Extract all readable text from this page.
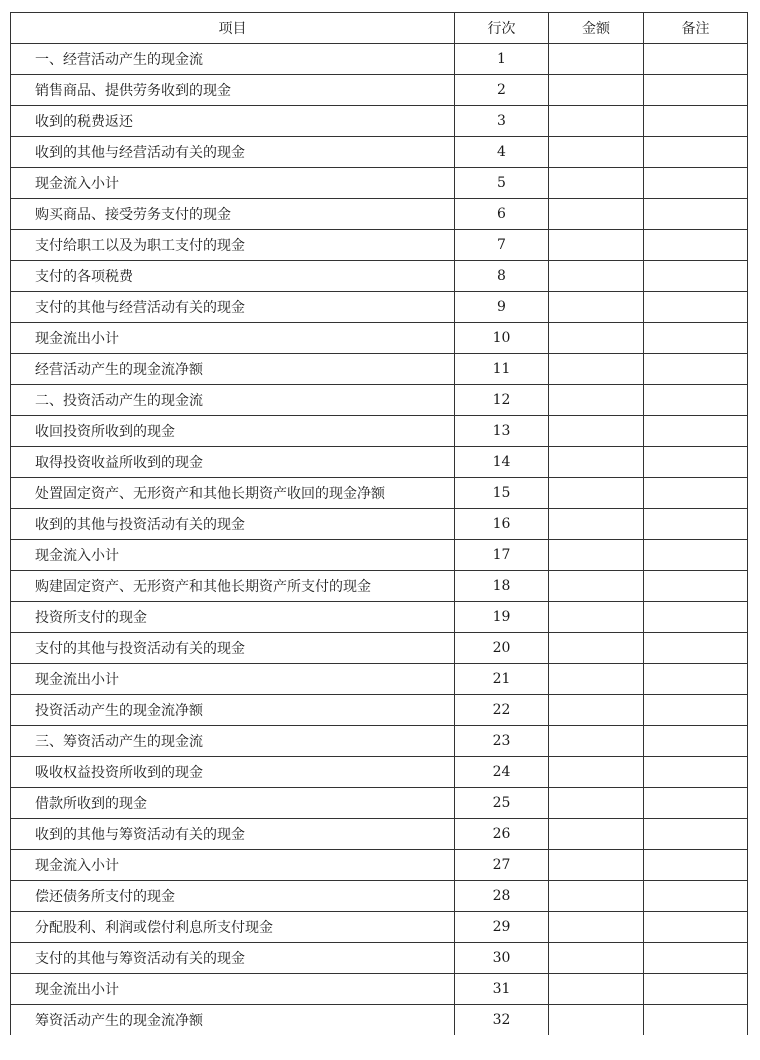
项目	行次	金额	备注
一、经营活动产生的现金流	1		
销售商品、提供劳务收到的现金	2		
收到的税费返还	3		
收到的其他与经营活动有关的现金	4		
现金流入小计	5		
购买商品、接受劳务支付的现金	6		
支付给职工以及为职工支付的现金	7		
支付的各项税费	8		
支付的其他与经营活动有关的现金	9		
现金流出小计	10		
经营活动产生的现金流净额	11		
二、投资活动产生的现金流	12		
收回投资所收到的现金	13		
取得投资收益所收到的现金	14		
处置固定资产、无形资产和其他长期资产收回的现金净额	15		
收到的其他与投资活动有关的现金	16		
现金流入小计	17		
购建固定资产、无形资产和其他长期资产所支付的现金	18		
投资所支付的现金	19		
支付的其他与投资活动有关的现金	20		
现金流出小计	21		
投资活动产生的现金流净额	22		
三、筹资活动产生的现金流	23		
吸收权益投资所收到的现金	24		
借款所收到的现金	25		
收到的其他与筹资活动有关的现金	26		
现金流入小计	27		
偿还债务所支付的现金	28		
分配股利、利润或偿付利息所支付现金	29		
支付的其他与筹资活动有关的现金	30		
现金流出小计	31		
筹资活动产生的现金流净额	32		
